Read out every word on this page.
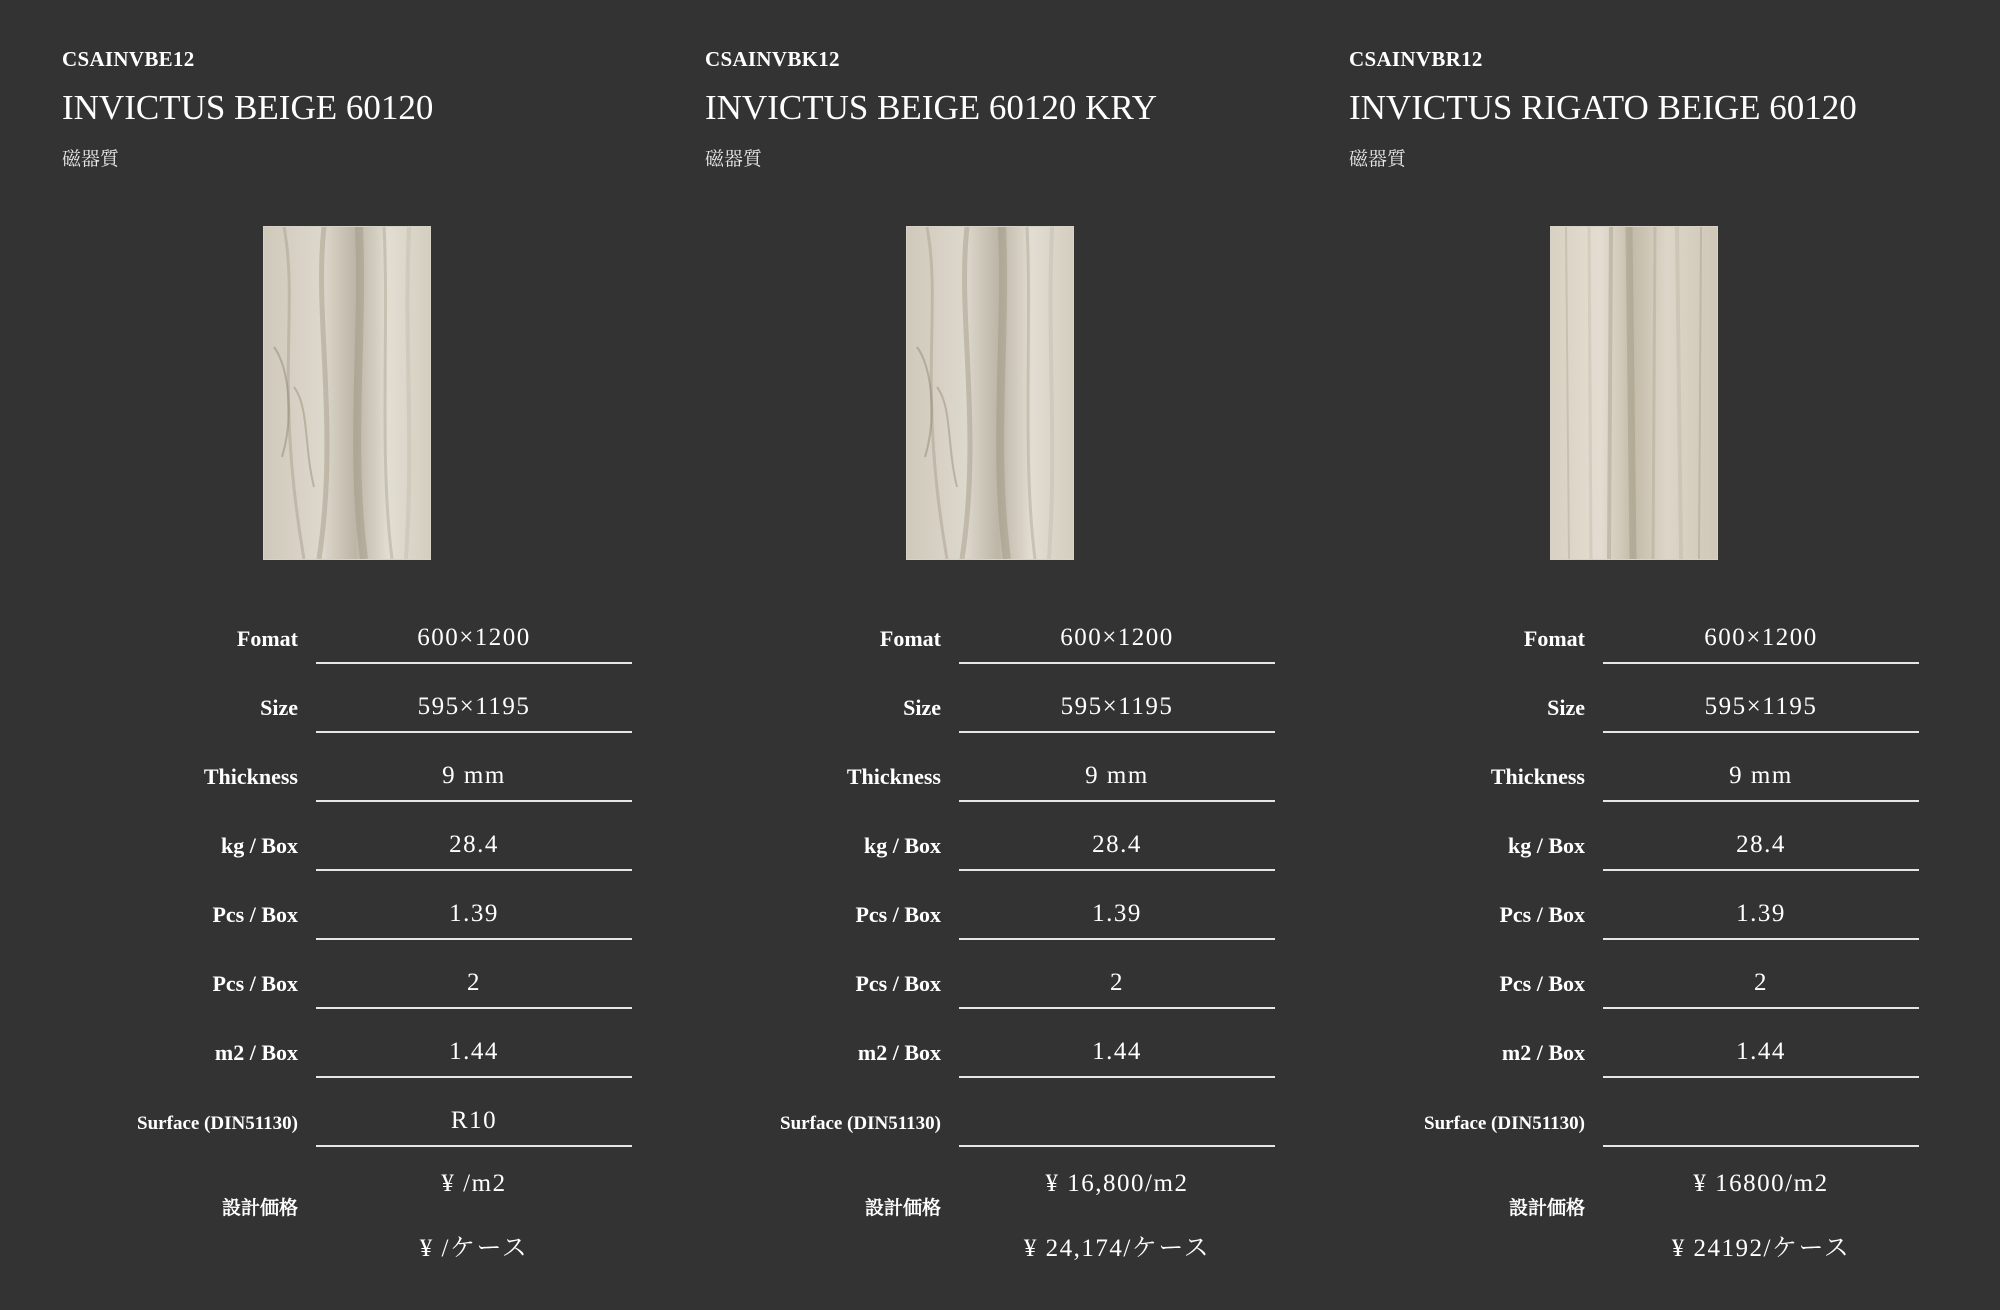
CSAINVBE12
INVICTUS BEIGE 60120
磁器質
Fomat	600×1200
Size	595×1195
Thickness	9 mm
kg / Box	28.4
Pcs / Box	1.39
Pcs / Box	2
m2 / Box	1.44
Surface (DIN51130)	R10
設計価格
¥ /m2
¥ /ケース
CSAINVBK12
INVICTUS BEIGE 60120 KRY
磁器質
Fomat	600×1200
Size	595×1195
Thickness	9 mm
kg / Box	28.4
Pcs / Box	1.39
Pcs / Box	2
m2 / Box	1.44
Surface (DIN51130)
設計価格
¥ 16,800/m2
¥ 24,174/ケース
CSAINVBR12
INVICTUS RIGATO BEIGE 60120
磁器質
Fomat	600×1200
Size	595×1195
Thickness	9 mm
kg / Box	28.4
Pcs / Box	1.39
Pcs / Box	2
m2 / Box	1.44
Surface (DIN51130)
設計価格
¥ 16800/m2
¥ 24192/ケース
